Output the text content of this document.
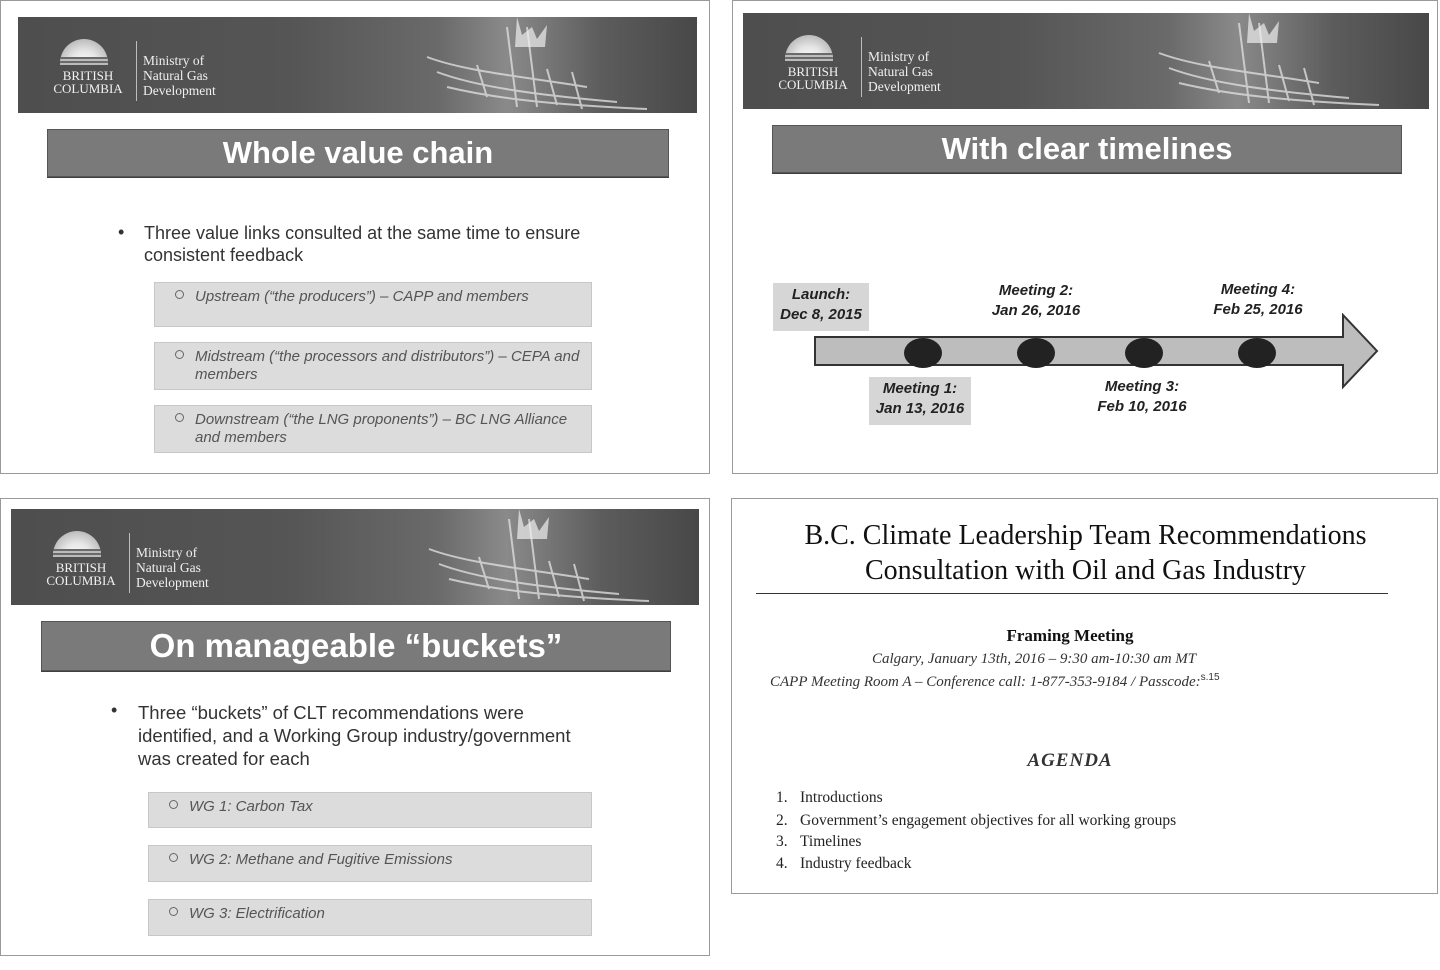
BRITISH
COLUMBIA
Ministry of
Natural Gas
Development
Whole value chain
• Three value links consulted at the same time to ensure consistent feedback
Upstream (“the producers”) – CAPP and members
Midstream (“the processors and distributors”) – CEPA and members
Downstream (“the LNG proponents”) – BC LNG Alliance and members
BRITISH
COLUMBIA
Ministry of
Natural Gas
Development
With clear timelines
Launch:
Dec 8, 2015
Meeting 1:
Jan 13, 2016
Meeting 2:
Jan 26, 2016
Meeting 3:
Feb 10, 2016
Meeting 4:
Feb 25, 2016
BRITISH
COLUMBIA
Ministry of
Natural Gas
Development
On manageable “buckets”
• Three “buckets” of CLT recommendations were identified, and a Working Group industry/government was created for each
WG 1: Carbon Tax
WG 2: Methane and Fugitive Emissions
WG 3: Electrification
B.C. Climate Leadership Team Recommendations
Consultation with Oil and Gas Industry
Framing Meeting
Calgary, January 13th, 2016 – 9:30 am-10:30 am MT
CAPP Meeting Room A – Conference call: 1-877-353-9184 / Passcode:$^{s.15}$
AGENDA
1. Introductions
2. Government’s engagement objectives for all working groups
3. Timelines
4. Industry feedback
